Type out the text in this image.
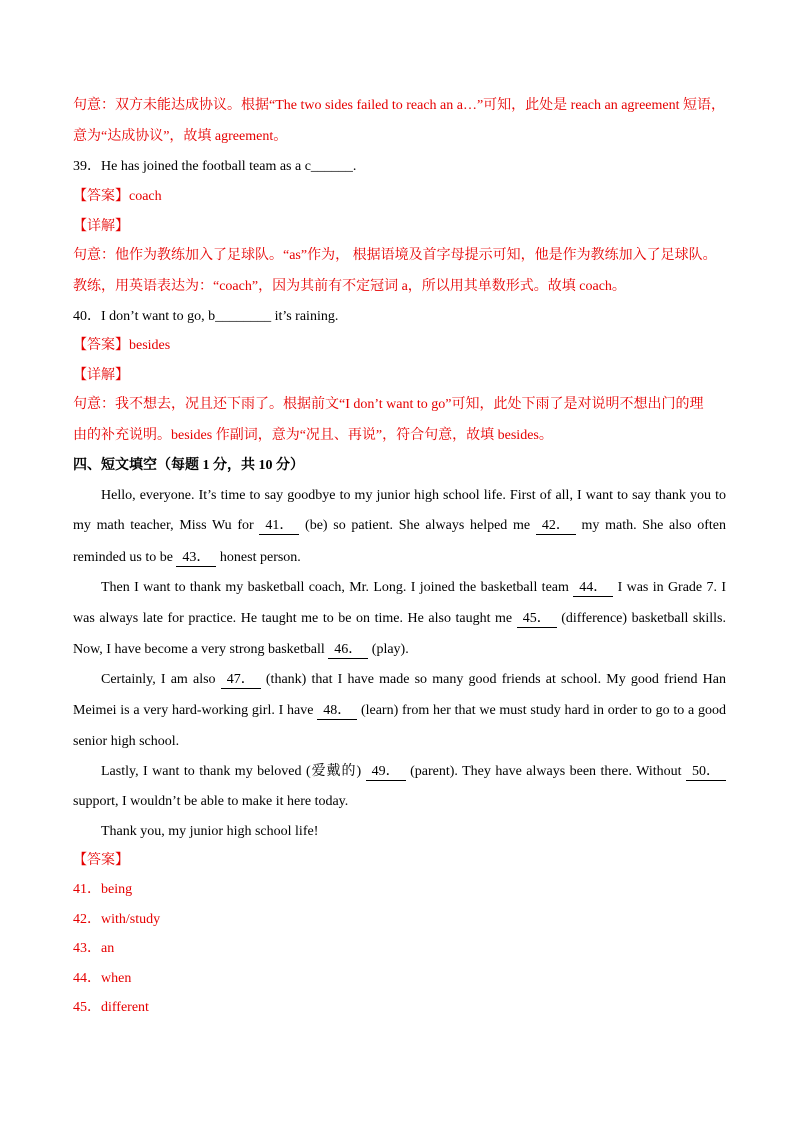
句意：双方未能达成协议。根据“The two sides failed to reach an a…”可知，此处是 reach an agreement 短语，
意为“达成协议”，故填 agreement。
39．He has joined the football team as a c______.
【答案】coach
【详解】
句意：他作为教练加入了足球队。“as”作为， 根据语境及首字母提示可知，他是作为教练加入了足球队。
教练，用英语表达为：“coach”，因为其前有不定冠词 a，所以用其单数形式。故填 coach。
40．I don’t want to go, b________ it’s raining.
【答案】besides
【详解】
句意：我不想去，况且还下雨了。根据前文“I don’t want to go”可知，此处下雨了是对说明不想出门的理
由的补充说明。besides 作副词，意为“况且、再说”，符合句意，故填 besides。
四、短文填空（每题 1 分，共 10 分）
Hello, everyone. It’s time to say goodbye to my junior high school life. First of all, I want to say thank you to
my math teacher, Miss Wu for 41． (be) so patient. She always helped me 42． my math. She also often
reminded us to be 43． honest person.
Then I want to thank my basketball coach, Mr. Long. I joined the basketball team 44． I was in Grade 7. I
was always late for practice. He taught me to be on time. He also taught me 45． (difference) basketball skills.
Now, I have become a very strong basketball 46． (play).
Certainly, I am also 47． (thank) that I have made so many good friends at school. My good friend Han
Meimei is a very hard-working girl. I have 48． (learn) from her that we must study hard in order to go to a good
senior high school.
Lastly, I want to thank my beloved (爱戴的) 49． (parent). They have always been there. Without 50．
support, I wouldn’t be able to make it here today.
Thank you, my junior high school life!
【答案】
41．being
42．with/study
43．an
44．when
45．different
